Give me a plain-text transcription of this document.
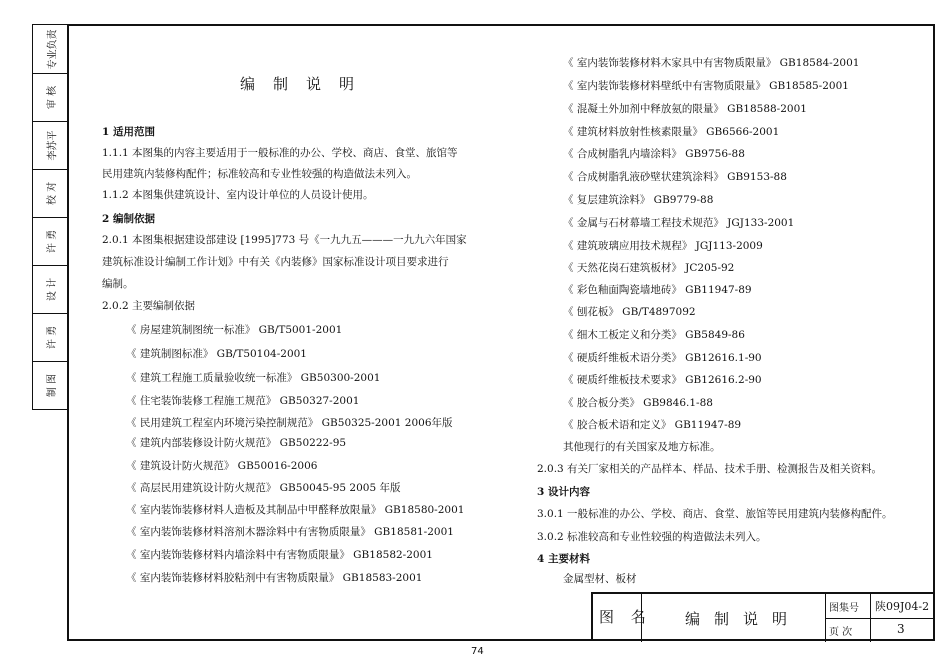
专业负责
审 核
李苏平
校 对
许 勇
设 计
许 勇
制 图
编制说明
1 适用范围
1.1.1 本图集的内容主要适用于一般标准的办公、学校、商店、食堂、旅馆等
民用建筑内装修构配件；标准较高和专业性较强的构造做法未列入。
1.1.2 本图集供建筑设计、室内设计单位的人员设计使用。
2 编制依据
2.0.1 本图集根据建设部建设 [1995]773 号《一九九五———一九九六年国家
建筑标准设计编制工作计划》中有关《内装修》国家标准设计项目要求进行
编制。
2.0.2 主要编制依据
《 房屋建筑制图统一标准》 GB/T5001-2001
《 建筑制图标准》 GB/T50104-2001
《 建筑工程施工质量验收统一标准》 GB50300-2001
《 住宅装饰装修工程施工规范》 GB50327-2001
《 民用建筑工程室内环境污染控制规范》 GB50325-2001 2006年版
《 建筑内部装修设计防火规范》 GB50222-95
《 建筑设计防火规范》 GB50016-2006
《 高层民用建筑设计防火规范》 GB50045-95 2005 年版
《 室内装饰装修材料人造板及其制品中甲醛释放限量》 GB18580-2001
《 室内装饰装修材料溶剂木器涂料中有害物质限量》 GB18581-2001
《 室内装饰装修材料内墙涂料中有害物质限量》 GB18582-2001
《 室内装饰装修材料胶粘剂中有害物质限量》 GB18583-2001
《 室内装饰装修材料木家具中有害物质限量》 GB18584-2001
《 室内装饰装修材料壁纸中有害物质限量》 GB18585-2001
《 混凝土外加剂中释放氨的限量》 GB18588-2001
《 建筑材料放射性核素限量》 GB6566-2001
《 合成树脂乳内墙涂料》 GB9756-88
《 合成树脂乳液砂壁状建筑涂料》 GB9153-88
《 复层建筑涂料》 GB9779-88
《 金属与石材幕墙工程技术规范》 JGJ133-2001
《 建筑玻璃应用技术规程》 JGJ113-2009
《 天然花岗石建筑板材》 JC205-92
《 彩色釉面陶瓷墙地砖》 GB11947-89
《 刨花板》 GB/T4897092
《 细木工板定义和分类》 GB5849-86
《 硬质纤维板术语分类》 GB12616.1-90
《 硬质纤维板技术要求》 GB12616.2-90
《 胶合板分类》 GB9846.1-88
《 胶合板术语和定义》 GB11947-89
其他现行的有关国家及地方标准。
2.0.3 有关厂家相关的产品样本、样品、技术手册、检测报告及相关资料。
3 设计内容
3.0.1 一般标准的办公、学校、商店、食堂、旅馆等民用建筑内装修构配件。
3.0.2 标准较高和专业性较强的构造做法未列入。
4 主要材料
金属型材、板材
图 名 编制说明
图集号 陕09J04-2
页 次	3
74
